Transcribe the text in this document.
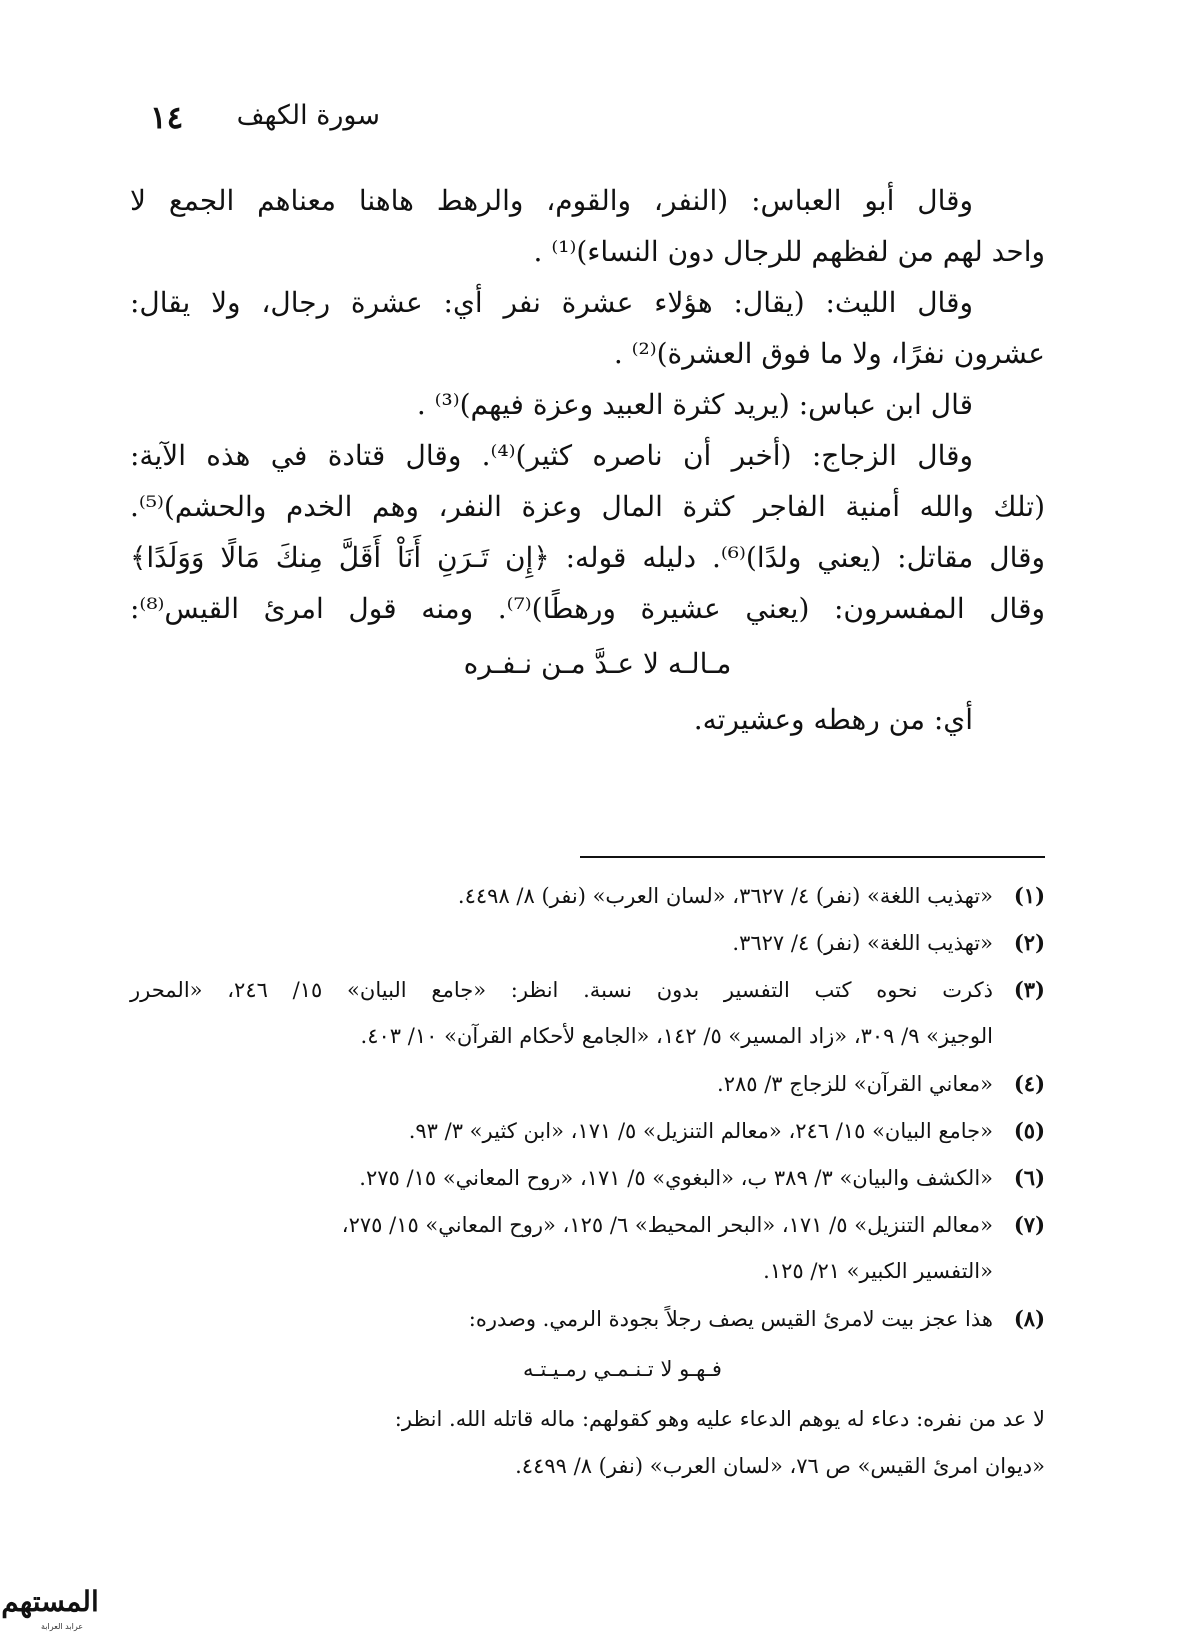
سورة الكهف
١٤
وقال أبو العباس: (النفر، والقوم، والرهط هاهنا معناهم الجمع لا
واحد لهم من لفظهم للرجال دون النساء)⁽¹⁾ .
وقال الليث: (يقال: هؤلاء عشرة نفر أي: عشرة رجال، ولا يقال:
عشرون نفرًا، ولا ما فوق العشرة)⁽²⁾ .
قال ابن عباس: (يريد كثرة العبيد وعزة فيهم)⁽³⁾ .
وقال الزجاج: (أخبر أن ناصره كثير)⁽⁴⁾. وقال قتادة في هذه الآية:
(تلك والله أمنية الفاجر كثرة المال وعزة النفر، وهم الخدم والحشم)⁽⁵⁾.
وقال مقاتل: (يعني ولدًا)⁽⁶⁾. دليله قوله: ﴿إِن تَـرَنِ أَنَاْ أَقَلَّ مِنكَ مَالًا وَوَلَدًا﴾
وقال المفسرون: (يعني عشيرة ورهطًا)⁽⁷⁾. ومنه قول امرئ القيس⁽⁸⁾:
مـالـه لا عـدَّ مـن نـفـره
أي: من رهطه وعشيرته.
(١)«تهذيب اللغة» (نفر) ٤/ ٣٦٢٧، «لسان العرب» (نفر) ٨/ ٤٤٩٨.
(٢)«تهذيب اللغة» (نفر) ٤/ ٣٦٢٧.
(٣)ذكرت نحوه كتب التفسير بدون نسبة. انظر: «جامع البيان» ١٥/ ٢٤٦، «المحرر
الوجيز» ٩/ ٣٠٩، «زاد المسير» ٥/ ١٤٢، «الجامع لأحكام القرآن» ١٠/ ٤٠٣.
(٤)«معاني القرآن» للزجاج ٣/ ٢٨٥.
(٥)«جامع البيان» ١٥/ ٢٤٦، «معالم التنزيل» ٥/ ١٧١، «ابن كثير» ٣/ ٩٣.
(٦)«الكشف والبيان» ٣/ ٣٨٩ ب، «البغوي» ٥/ ١٧١، «روح المعاني» ١٥/ ٢٧٥.
(٧)«معالم التنزيل» ٥/ ١٧١، «البحر المحيط» ٦/ ١٢٥، «روح المعاني» ١٥/ ٢٧٥،
«التفسير الكبير» ٢١/ ١٢٥.
(٨)هذا عجز بيت لامرئ القيس يصف رجلاً بجودة الرمي. وصدره:
فـهـو لا تـنـمـي رمـيـتـه
لا عد من نفره: دعاء له يوهم الدعاء عليه وهو كقولهم: ماله قاتله الله. انظر:
«ديوان امرئ القيس» ص ٧٦، «لسان العرب» (نفر) ٨/ ٤٤٩٩.
المستهم
عرابد العرابة
